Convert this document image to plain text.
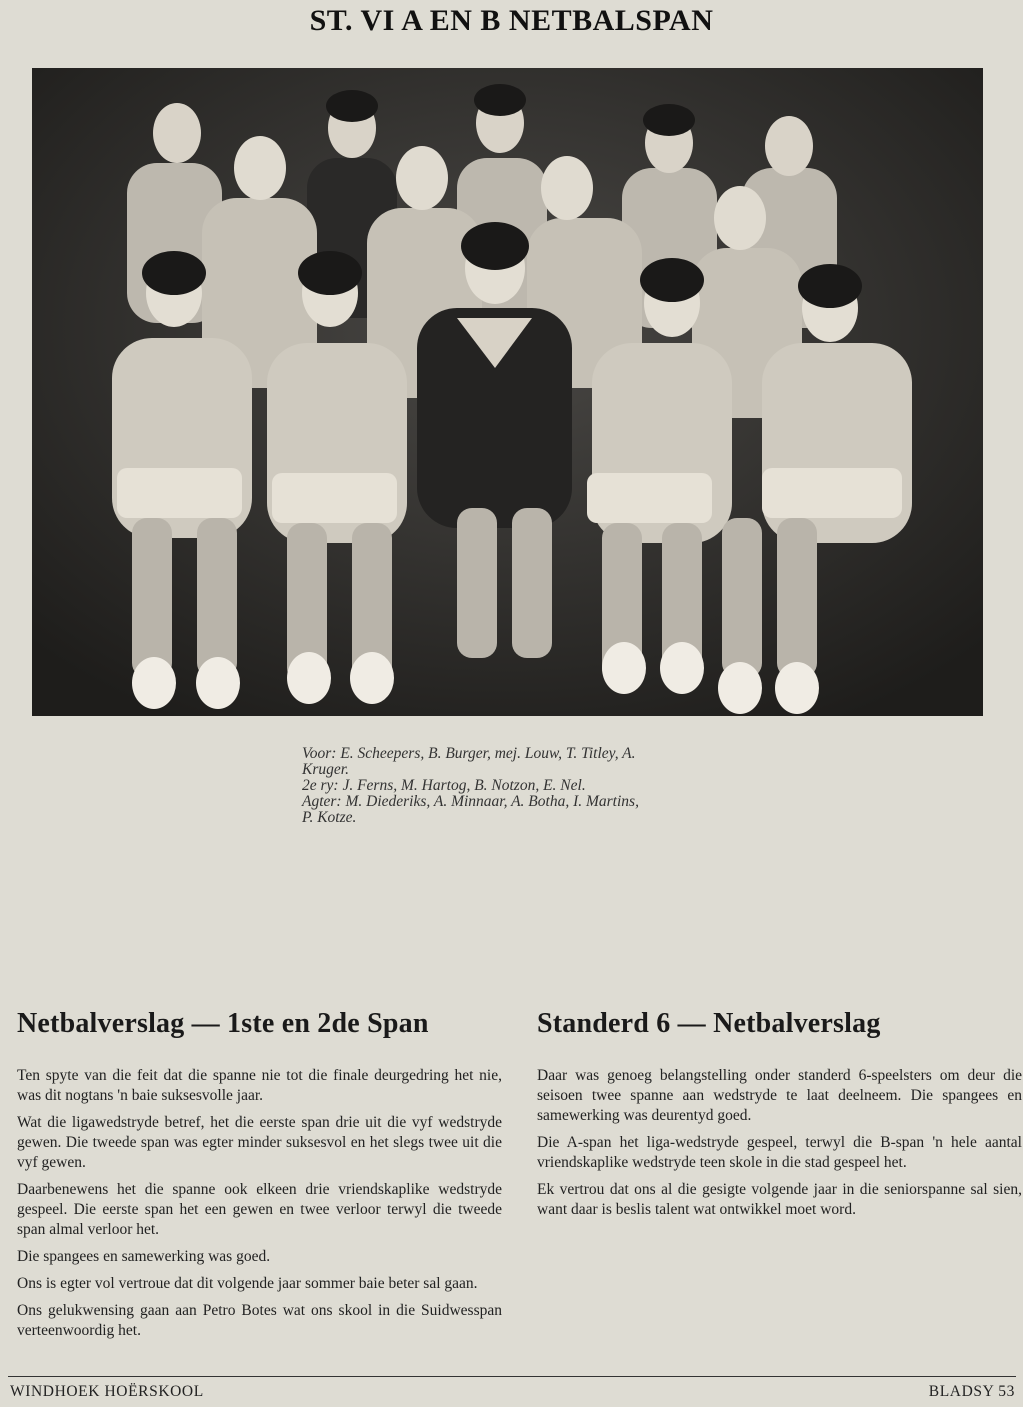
ST. VI A EN B NETBALSPAN

Voor: E. Scheepers, B. Burger, mej. Louw, T. Titley, A.

Kruger.

2e ry: J. Ferns, M. Hartog, B. Notzon, E. Nel.

Agter: M. Diederiks, A. Minnaar, A. Botha, I. Martins,

P. Kotze.

Netbalverslag — 1ste en 2de Span

Ten spyte van die feit dat die spanne nie tot die finale deurgedring het nie, was dit nogtans 'n baie suksesvolle jaar.

Wat die ligawedstryde betref, het die eerste span drie uit die vyf wedstryde gewen. Die tweede span was egter minder suksesvol en het slegs twee uit die vyf gewen.

Daarbenewens het die spanne ook elkeen drie vriendskaplike wedstryde gespeel. Die eerste span het een gewen en twee verloor terwyl die tweede span almal verloor het.

Die spangees en samewerking was goed.

Ons is egter vol vertroue dat dit volgende jaar sommer baie beter sal gaan.

Ons gelukwensing gaan aan Petro Botes wat ons skool in die Suidwesspan verteenwoordig het.

Standerd 6 — Netbalverslag

Daar was genoeg belangstelling onder standerd 6-speelsters om deur die seisoen twee spanne aan wedstryde te laat deelneem. Die spangees en samewerking was deurentyd goed.

Die A-span het liga-wedstryde gespeel, terwyl die B-span 'n hele aantal vriendskaplike wedstryde teen skole in die stad gespeel het.

Ek vertrou dat ons al die gesigte volgende jaar in die seniorspanne sal sien, want daar is beslis talent wat ontwikkel moet word.

WINDHOEK HOËRSKOOL	BLADSY 53
